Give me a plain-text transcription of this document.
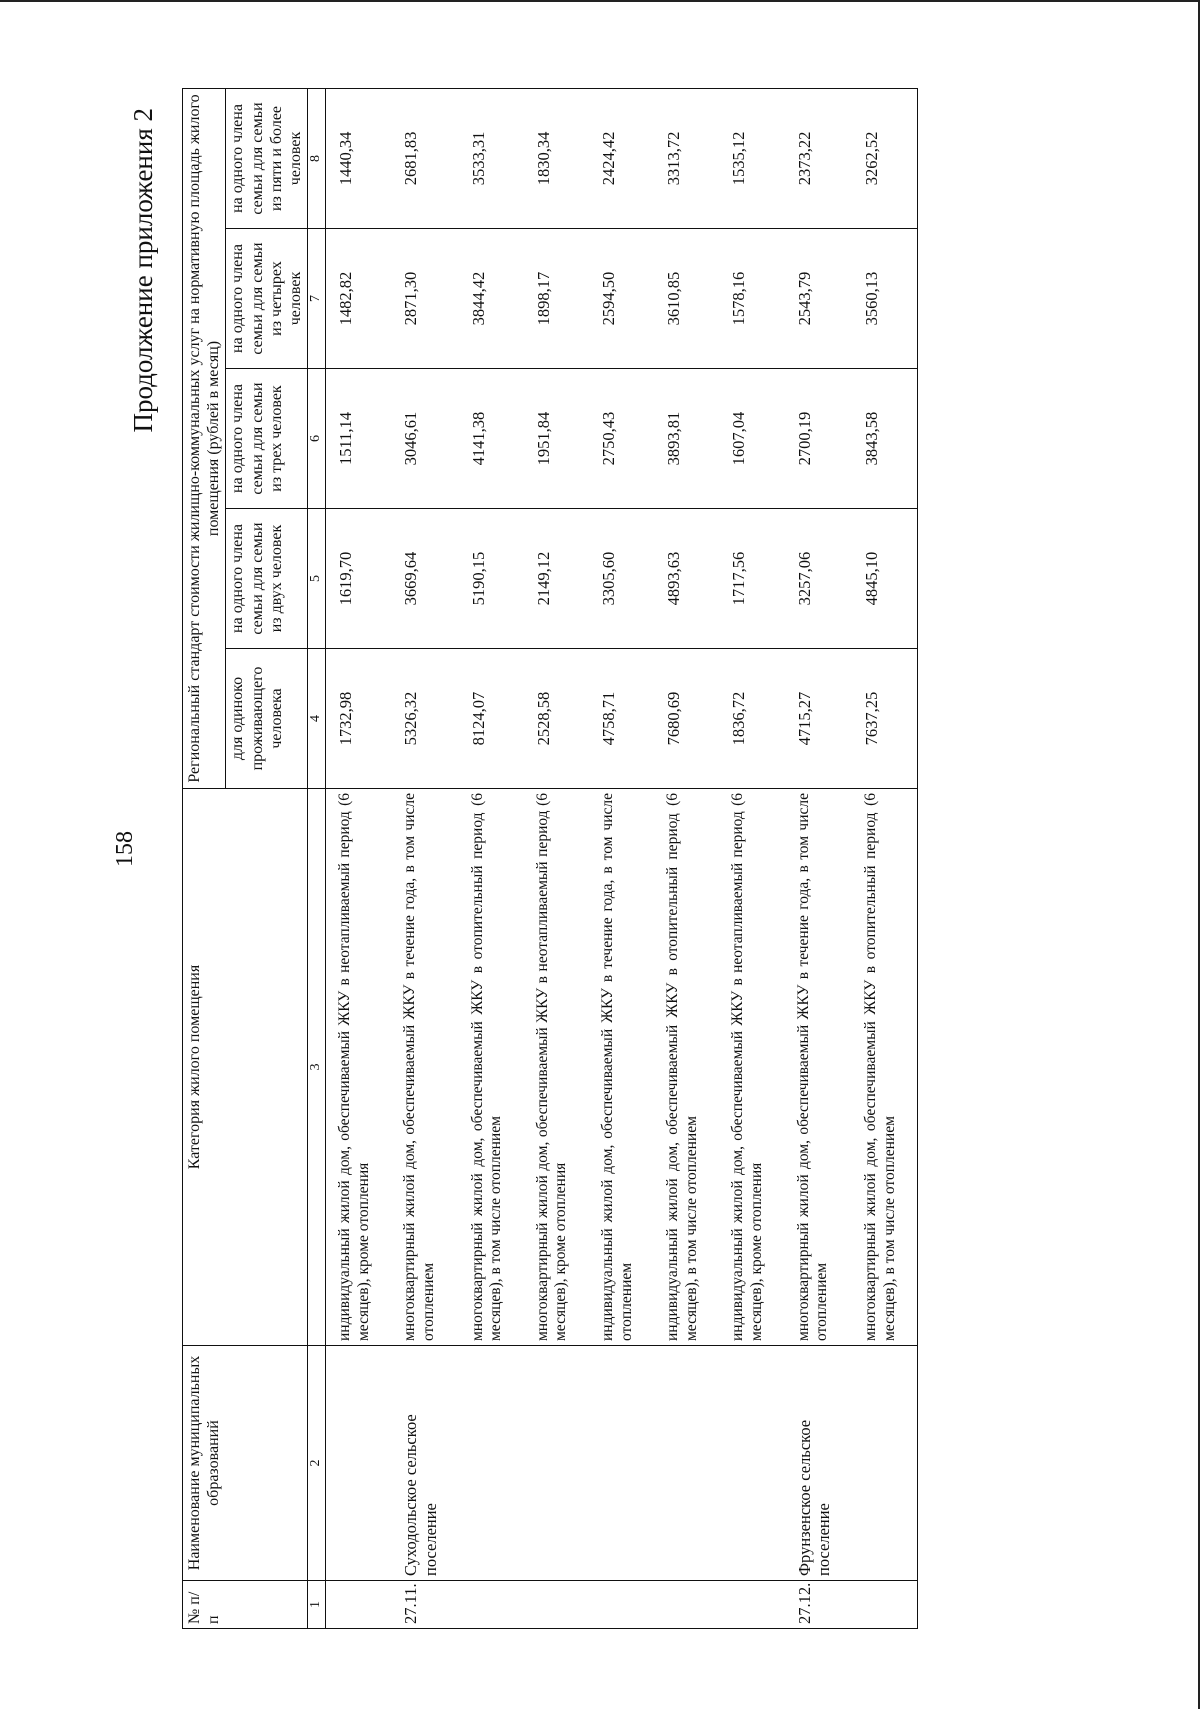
158
Продолжение приложения 2
№ п/п	Наименование муниципальных образований	Категория жилого помещения	Региональный стандарт стоимости жилищно-коммунальных услуг на нормативную площадь жилого помещения (рублей в месяц)				
			для одиноко проживающего человека	на одного члена семьи для семьи из двух человек	на одного члена семьи для семьи из трех человек	на одного члена семьи для семьи из четырех человек	на одного члена семьи для семьи из пяти и более человек
1	2	3	4	5	6	7	8
		индивидуальный жилой дом, обеспечиваемый ЖКУ в неотапливаемый период (6 месяцев), кроме отопления	1732,98	1619,70	1511,14	1482,82	1440,34
27.11.	Суходольское сельское поселение	многоквартирный жилой дом, обеспечиваемый ЖКУ в течение года, в том числе отоплением	5326,32	3669,64	3046,61	2871,30	2681,83
		многоквартирный жилой дом, обеспечиваемый ЖКУ в отопительный период (6 месяцев), в том числе отоплением	8124,07	5190,15	4141,38	3844,42	3533,31
		многоквартирный жилой дом, обеспечиваемый ЖКУ в неотапливаемый период (6 месяцев), кроме отопления	2528,58	2149,12	1951,84	1898,17	1830,34
		индивидуальный жилой дом, обеспечиваемый ЖКУ в течение года, в том числе отоплением	4758,71	3305,60	2750,43	2594,50	2424,42
		индивидуальный жилой дом, обеспечиваемый ЖКУ в отопительный период (6 месяцев), в том числе отоплением	7680,69	4893,63	3893,81	3610,85	3313,72
		индивидуальный жилой дом, обеспечиваемый ЖКУ в неотапливаемый период (6 месяцев), кроме отопления	1836,72	1717,56	1607,04	1578,16	1535,12
27.12.	Фрунзенское сельское поселение	многоквартирный жилой дом, обеспечиваемый ЖКУ в течение года, в том числе отоплением	4715,27	3257,06	2700,19	2543,79	2373,22
		многоквартирный жилой дом, обеспечиваемый ЖКУ в отопительный период (6 месяцев), в том числе отоплением	7637,25	4845,10	3843,58	3560,13	3262,52
